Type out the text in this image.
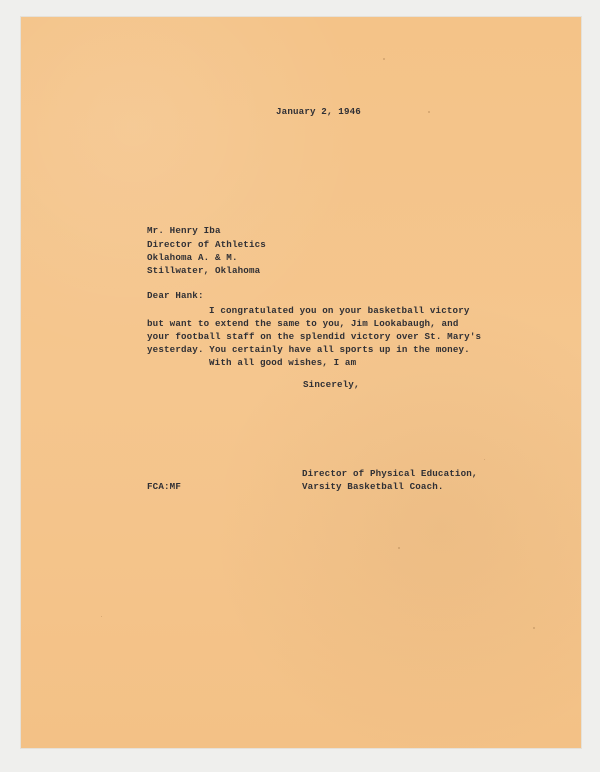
January 2, 1946

Mr. Henry Iba

Director of Athletics

Oklahoma A. & M.

Stillwater, Oklahoma

Dear Hank:

I congratulated you on your basketball victory

but want to extend the same to you, Jim Lookabaugh, and

your football staff on the splendid victory over St. Mary's

yesterday. You certainly have all sports up in the money.

With all good wishes, I am

Sincerely,

Director of Physical Education,

Varsity Basketball Coach.

FCA:MF
